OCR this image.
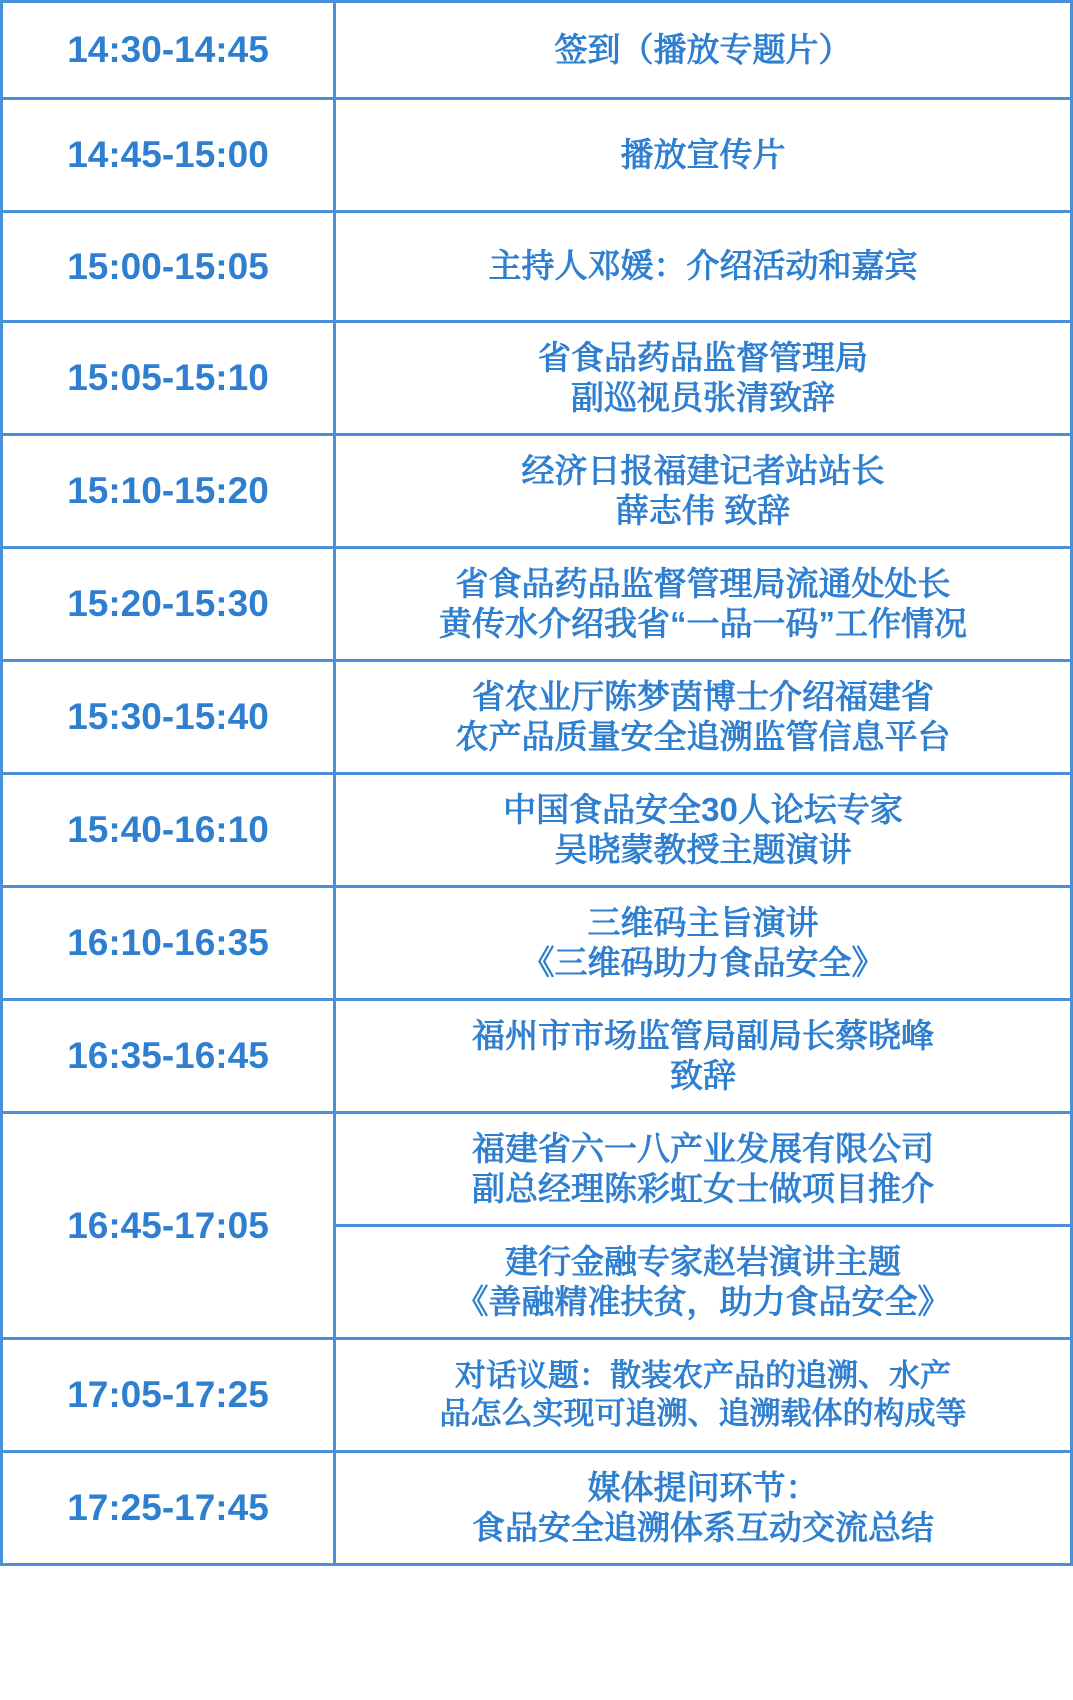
14:30-14:45	签到（播放专题片）

14:45-15:00	播放宣传片

15:00-15:05	主持人邓媛：介绍活动和嘉宾

15:05-15:10	省食品药品监督管理局
副巡视员张清致辞

15:10-15:20	经济日报福建记者站站长
薛志伟 致辞

15:20-15:30	省食品药品监督管理局流通处处长
黄传水介绍我省“一品一码”工作情况

15:30-15:40	省农业厅陈梦茵博士介绍福建省
农产品质量安全追溯监管信息平台

15:40-16:10	中国食品安全30人论坛专家
吴晓蒙教授主题演讲

16:10-16:35	三维码主旨演讲
《三维码助力食品安全》

16:35-16:45	福州市市场监管局副局长蔡晓峰
致辞

16:45-17:05	福建省六一八产业发展有限公司
副总经理陈彩虹女士做项目推介

	建行金融专家赵岩演讲主题
《善融精准扶贫，助力食品安全》

17:05-17:25	对话议题：散装农产品的追溯、水产
品怎么实现可追溯、追溯载体的构成等

17:25-17:45	媒体提问环节：
食品安全追溯体系互动交流总结
